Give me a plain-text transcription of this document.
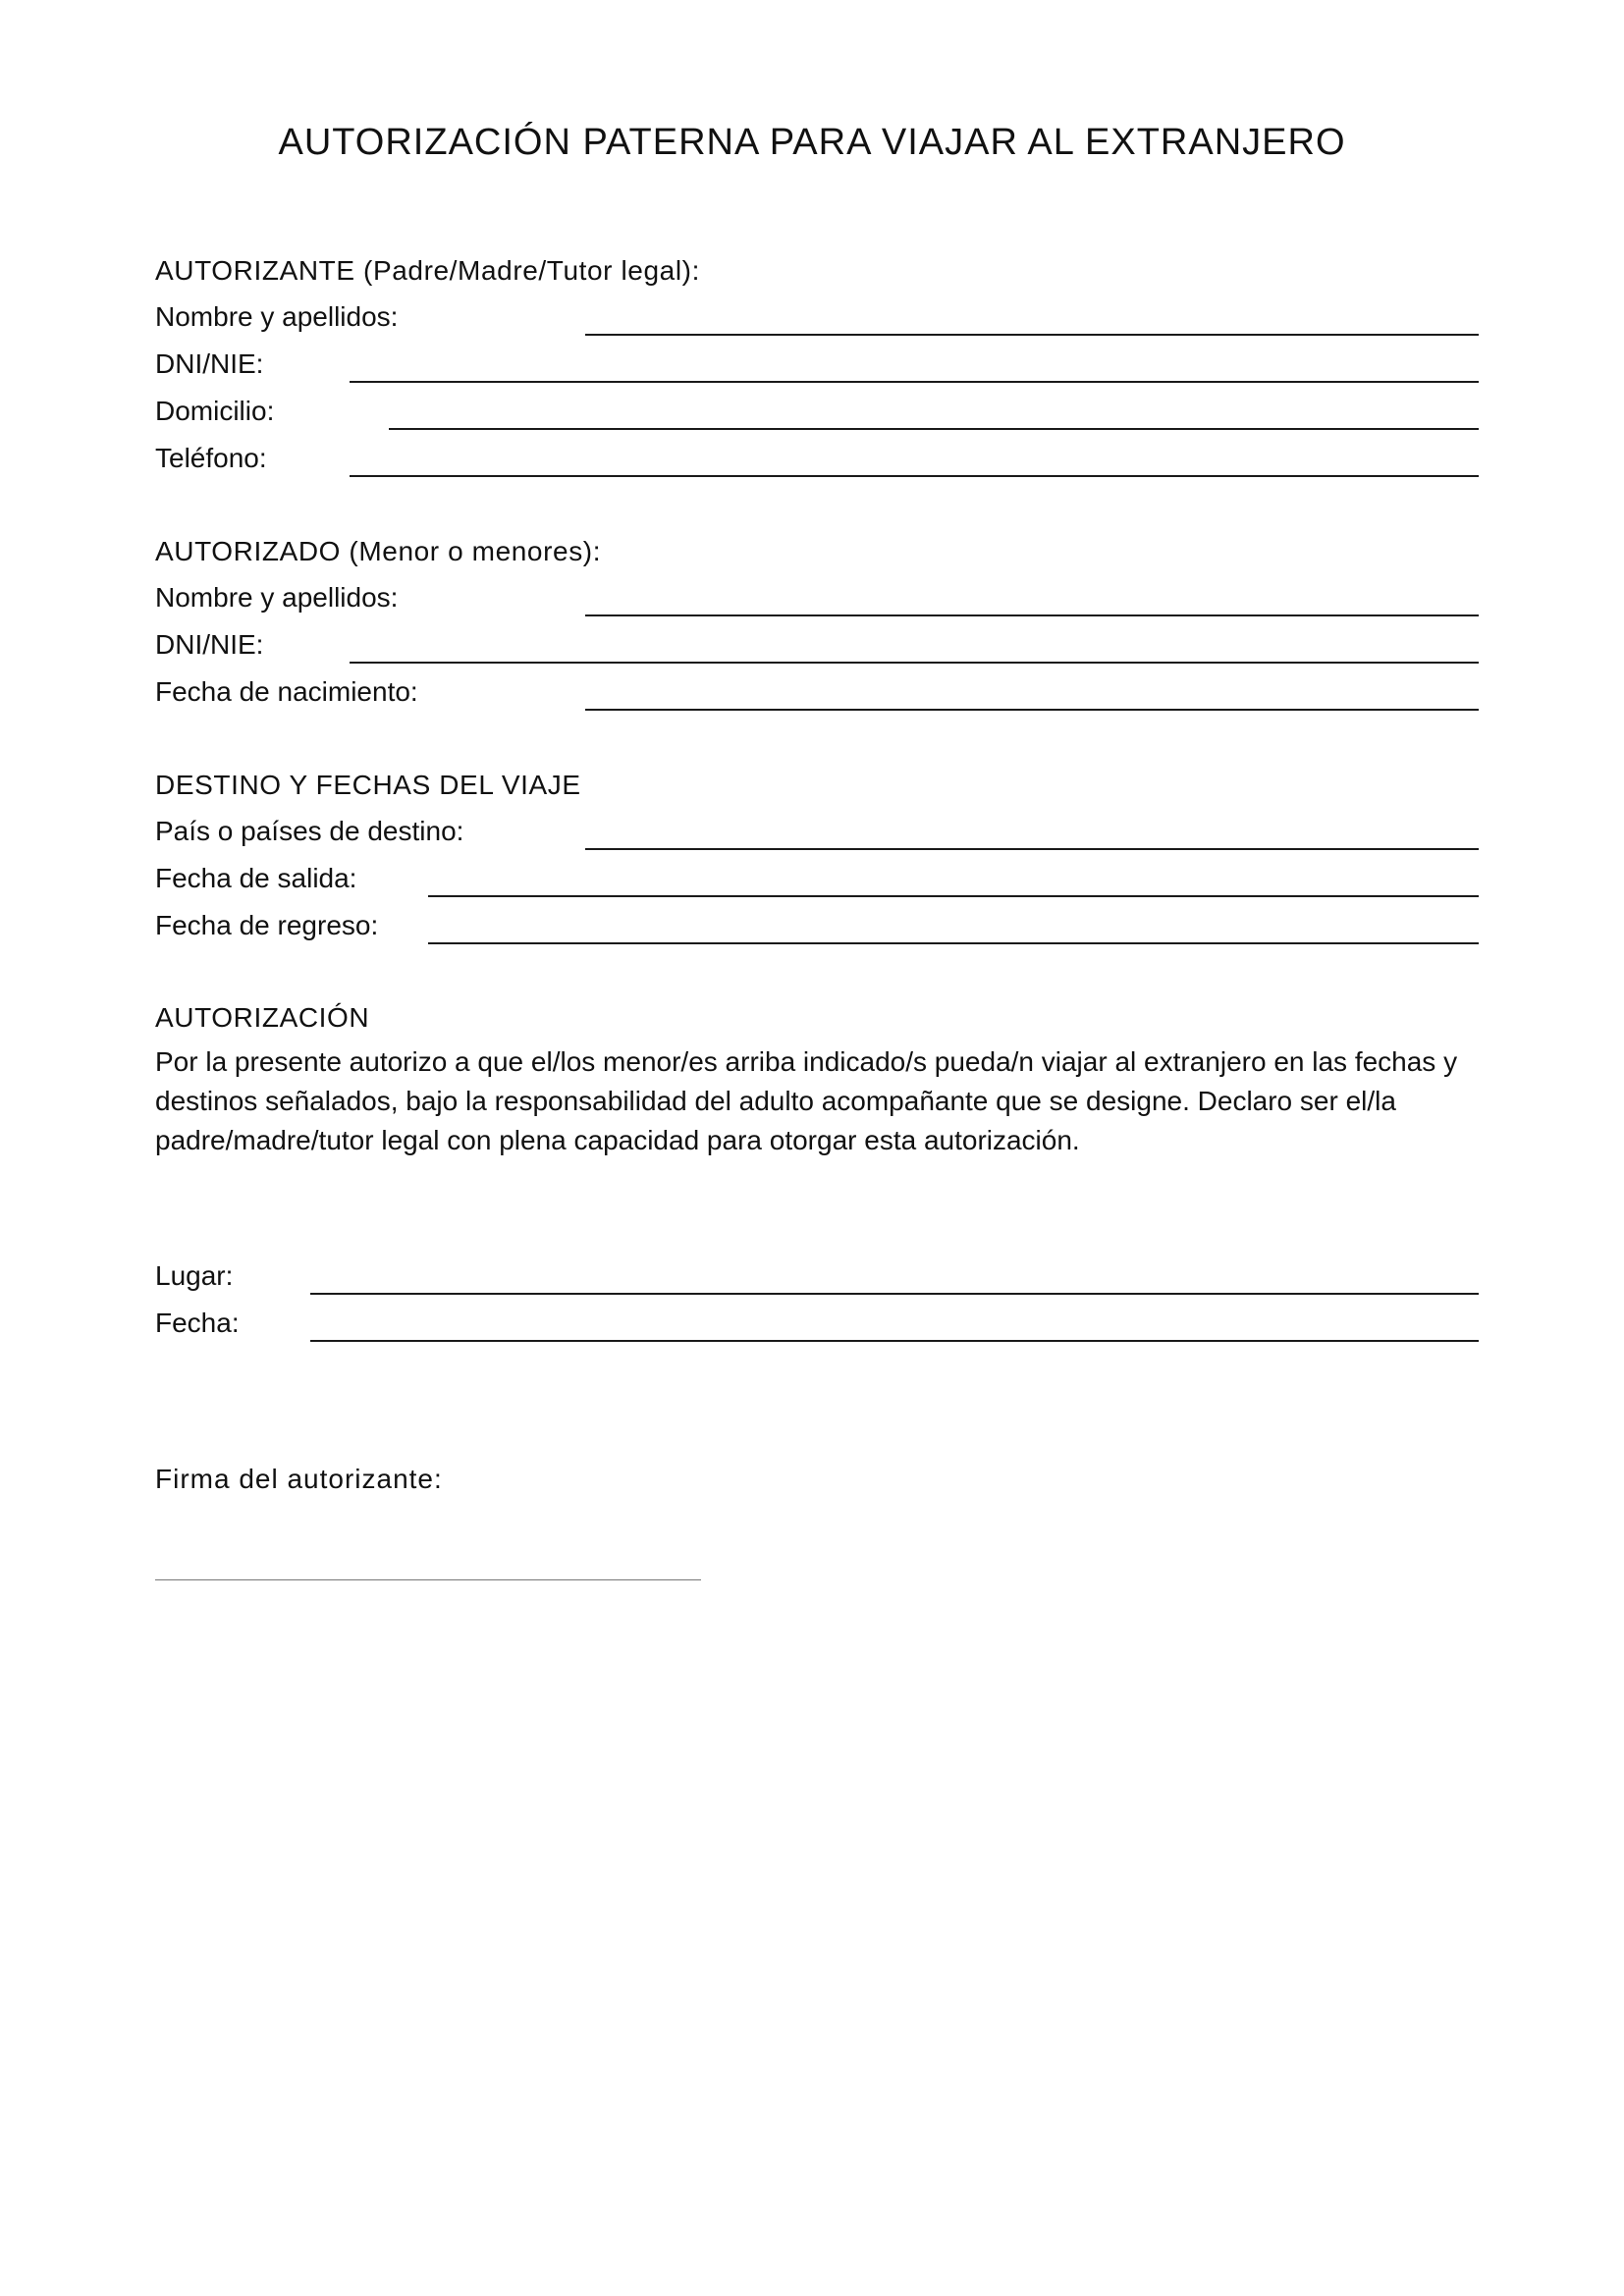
AUTORIZACIÓN PATERNA PARA VIAJAR AL EXTRANJERO
AUTORIZANTE (Padre/Madre/Tutor legal):
Nombre y apellidos:
DNI/NIE:
Domicilio:
Teléfono:
AUTORIZADO (Menor o menores):
Nombre y apellidos:
DNI/NIE:
Fecha de nacimiento:
DESTINO Y FECHAS DEL VIAJE
País o países de destino:
Fecha de salida:
Fecha de regreso:
AUTORIZACIÓN
Por la presente autorizo a que el/los menor/es arriba indicado/s pueda/n viajar al extranjero en las fechas y destinos señalados, bajo la responsabilidad del adulto acompañante que se designe. Declaro ser el/la padre/madre/tutor legal con plena capacidad para otorgar esta autorización.
Lugar:
Fecha:
Firma del autorizante:
